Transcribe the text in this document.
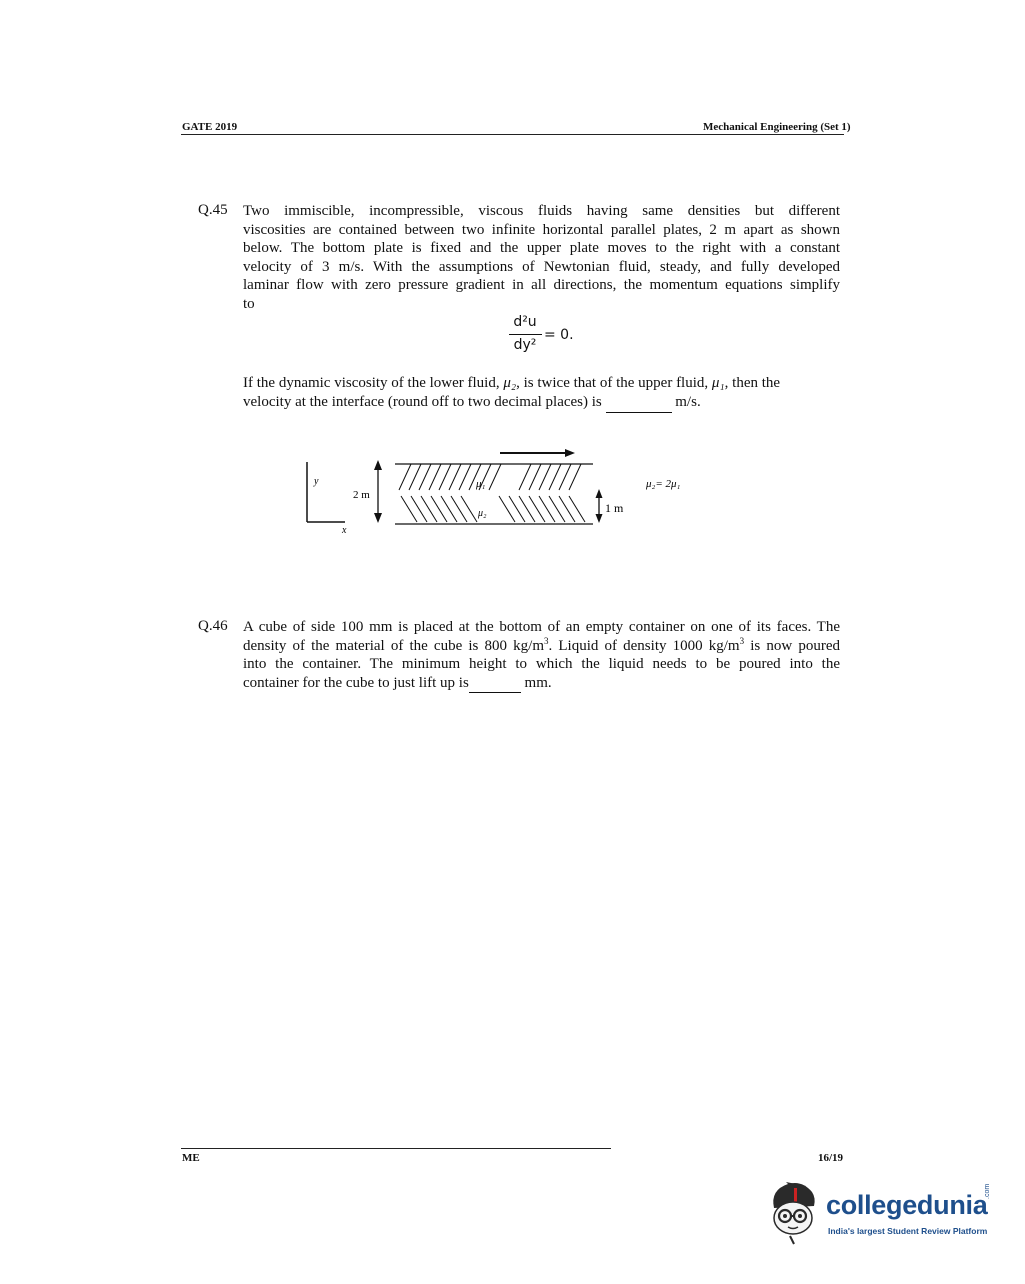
GATE 2019	Mechanical Engineering (Set 1)
Q.45 Two immiscible, incompressible, viscous fluids having same densities but different
viscosities are contained between two infinite horizontal parallel plates, 2 m apart as shown
below. The bottom plate is fixed and the upper plate moves to the right with a constant
velocity of 3 m/s. With the assumptions of Newtonian fluid, steady, and fully developed
laminar flow with zero pressure gradient in all directions, the momentum equations simplify
to
d²u
dy²
= 0.
If the dynamic viscosity of the lower fluid, μ₂, is twice that of the upper fluid, μ₁, then the
velocity at the interface (round off to two decimal places) is	m/s.
y
x
2 m
μ₁
μ₂	1 m
μ₂= 2μ₁
Q.46 A cube of side 100 mm is placed at the bottom of an empty container on one of its faces. The
density of the material of the cube is 800 $kg/m^3$. Liquid of density 1000 $kg/m^3$ is now poured
into the container. The minimum height to which the liquid needs to be poured into the
container for the cube to just lift up is	mm.
ME	16/19
collegedunia
.com
India's largest Student Review Platform
